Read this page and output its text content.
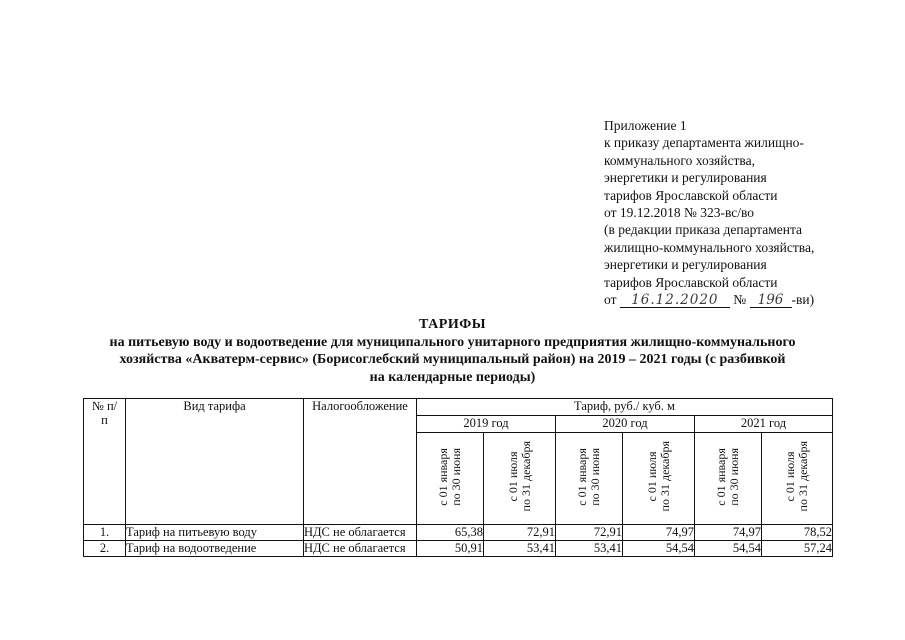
Приложение 1
к приказу департамента жилищно-
коммунального хозяйства,
энергетики и регулирования
тарифов Ярославской области
от 19.12.2018 № 323-вс/во
(в редакции приказа департамента
жилищно-коммунального хозяйства,
энергетики и регулирования
тарифов Ярославской области
от 16.12.2020 № 196 -ви)
ТАРИФЫ
на питьевую воду и водоотведение для муниципального унитарного предприятия жилищно-коммунального
хозяйства «Акватерм-сервис» (Борисоглебский муниципальный район) на 2019 – 2021 годы (с разбивкой
на календарные периоды)
№ п/п	Вид тарифа	Налогообложение	Тариф, руб./ куб. м					
			2019 год		2020 год		2021 год	
			с 01 января
по 30 июня	с 01 июля
по 31 декабря	с 01 января
по 30 июня	с 01 июля
по 31 декабря	с 01 января
по 30 июня	с 01 июля
по 31 декабря
1.	Тариф на питьевую воду	НДС не облагается	65,38	72,91	72,91	74,97	74,97	78,52
2.	Тариф на водоотведение	НДС не облагается	50,91	53,41	53,41	54,54	54,54	57,24
